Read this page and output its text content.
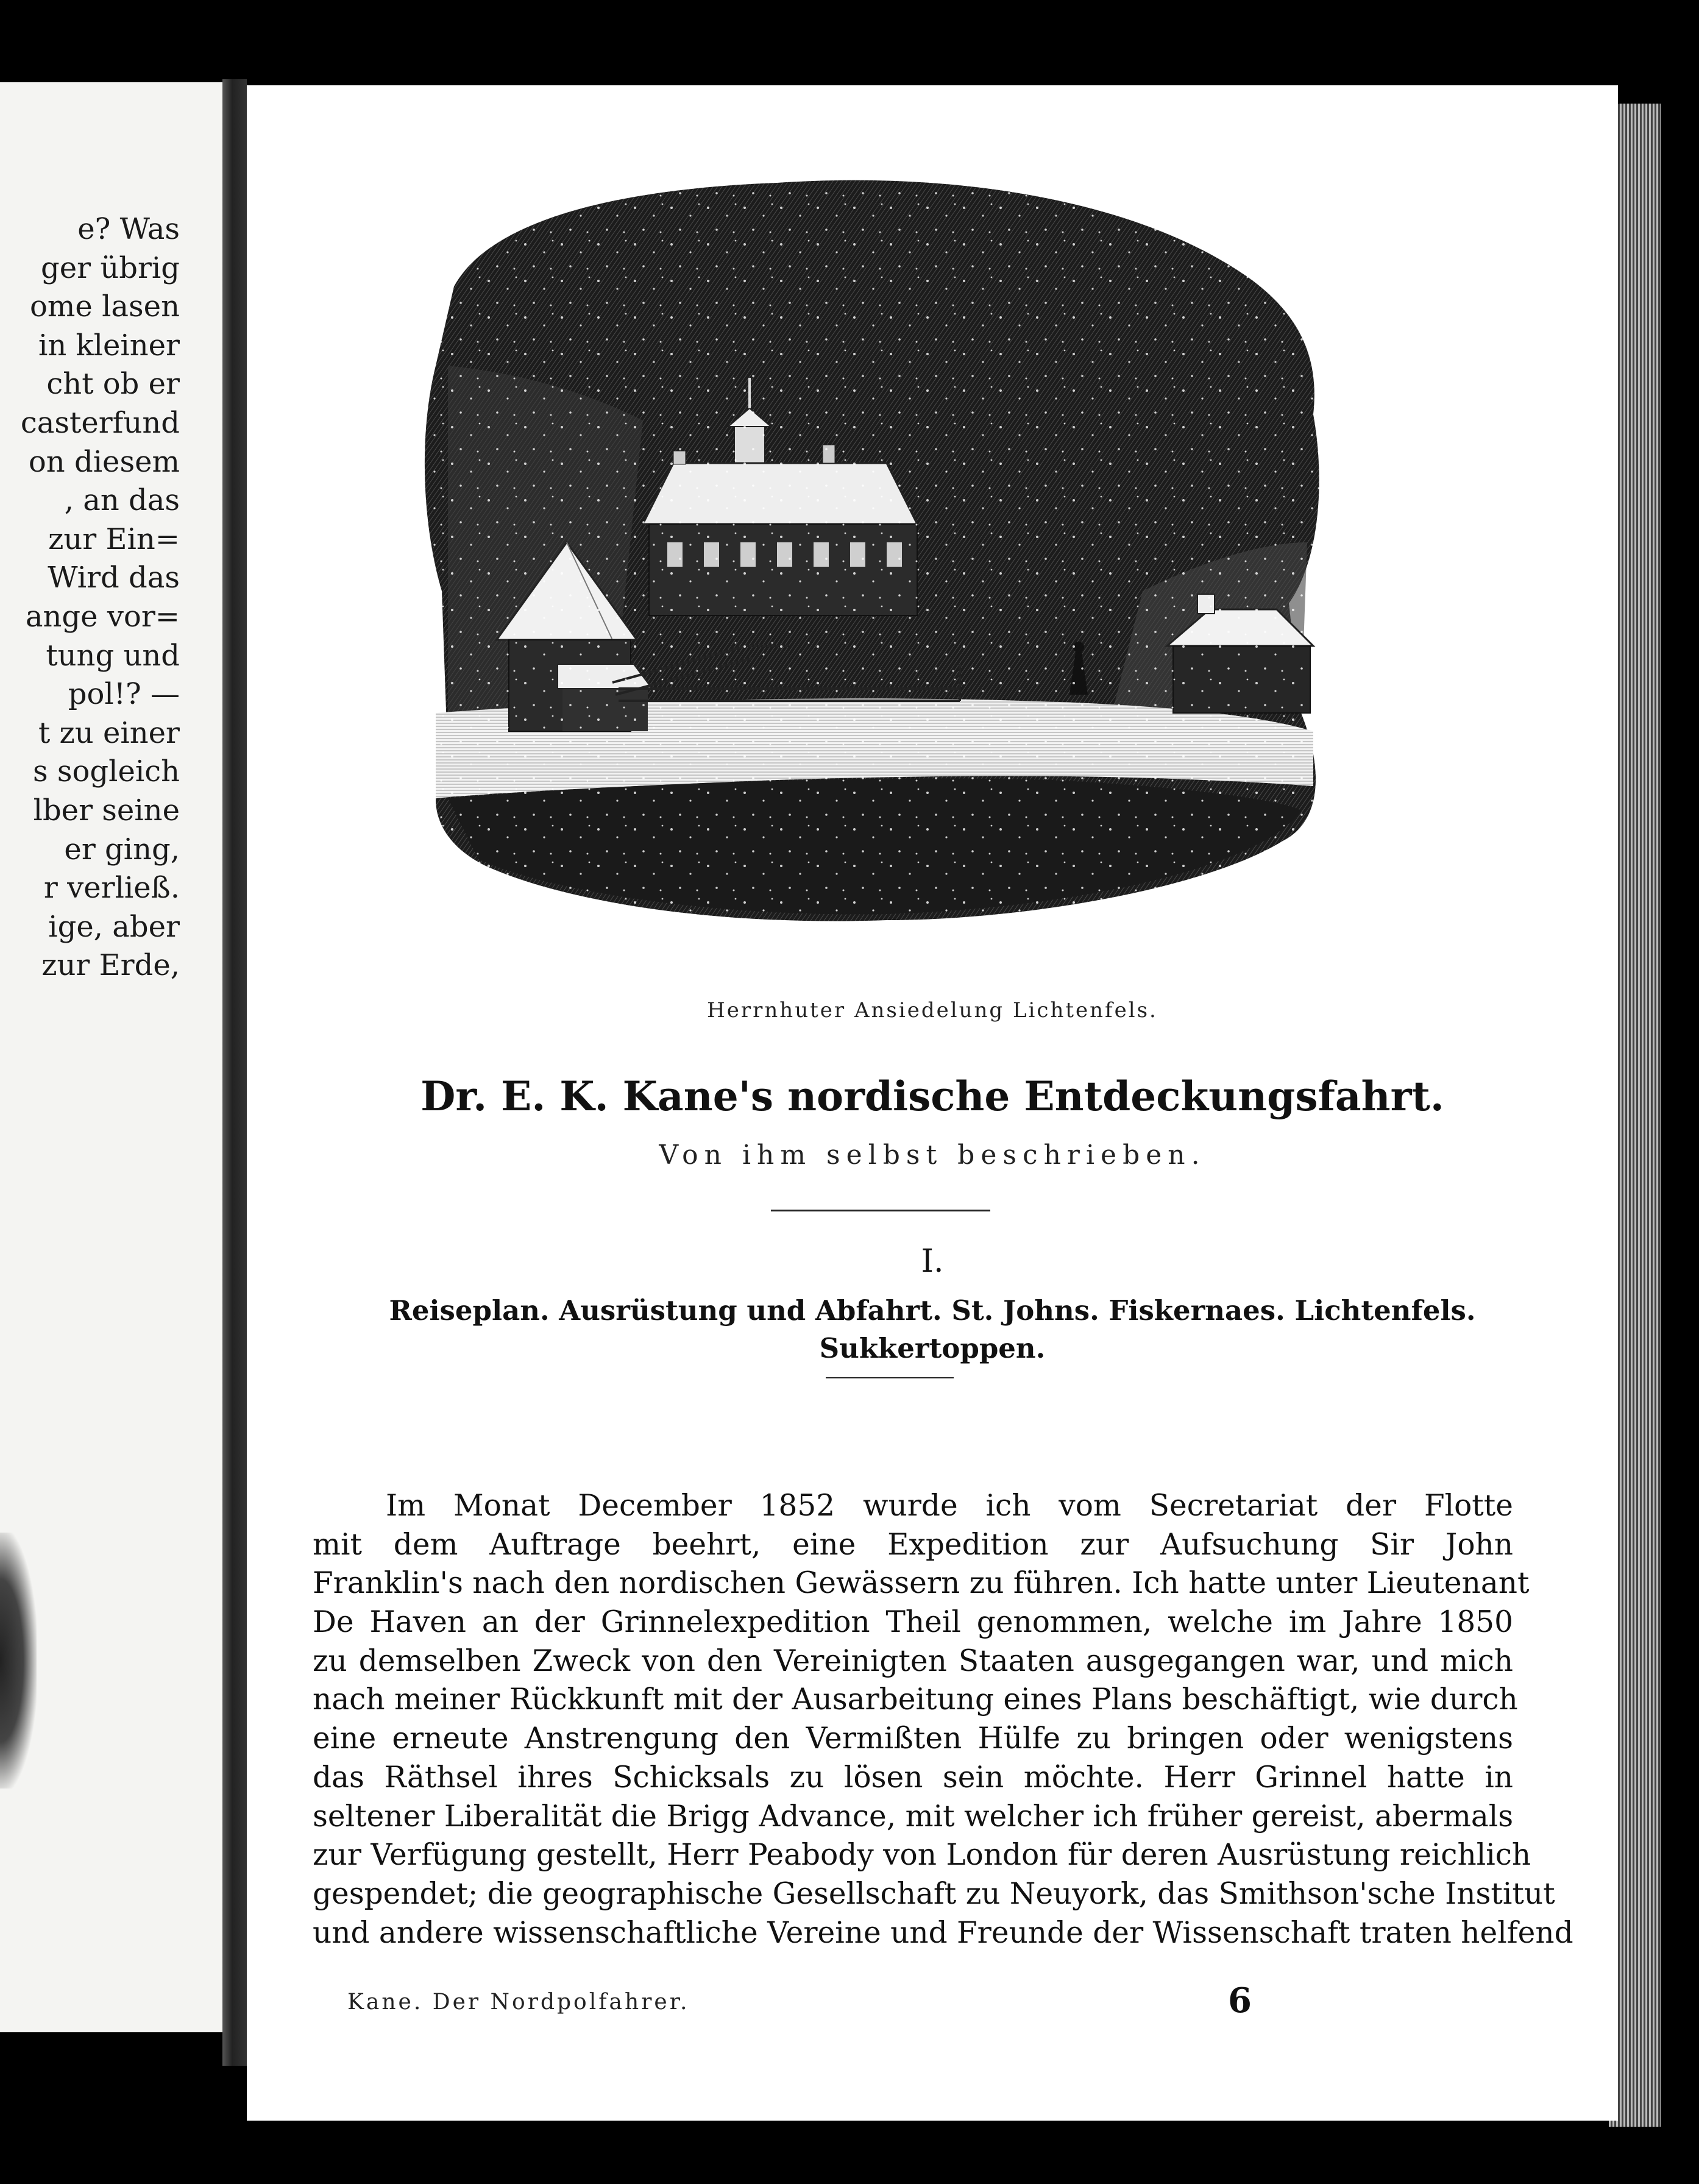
e? Was
ger übrig
ome lasen
in kleiner
cht ob er
casterfund
on diesem
, an das
zur Ein=
Wird das
ange vor=
tung und
pol!? —
t zu einer
s sogleich
lber seine
er ging,
r verließ.
ige, aber
zur Erde,
Herrnhuter Ansiedelung Lichtenfels.
Dr. E. K. Kane's nordische Entdeckungsfahrt.
Von ihm selbst beschrieben.
I.
Reiseplan. Ausrüstung und Abfahrt. St. Johns. Fiskernaes. Lichtenfels. Sukkertoppen.
Im Monat December 1852 wurde ich vom Secretariat der Flotte
mit dem Auftrage beehrt, eine Expedition zur Aufsuchung Sir John
Franklin's nach den nordischen Gewässern zu führen. Ich hatte unter Lieutenant
De Haven an der Grinnelexpedition Theil genommen, welche im Jahre 1850
zu demselben Zweck von den Vereinigten Staaten ausgegangen war, und mich
nach meiner Rückkunft mit der Ausarbeitung eines Plans beschäftigt, wie durch
eine erneute Anstrengung den Vermißten Hülfe zu bringen oder wenigstens
das Räthsel ihres Schicksals zu lösen sein möchte. Herr Grinnel hatte in
seltener Liberalität die Brigg Advance, mit welcher ich früher gereist, abermals
zur Verfügung gestellt, Herr Peabody von London für deren Ausrüstung reichlich
gespendet; die geographische Gesellschaft zu Neuyork, das Smithson'sche Institut
und andere wissenschaftliche Vereine und Freunde der Wissenschaft traten helfend
Kane. Der Nordpolfahrer.	6
